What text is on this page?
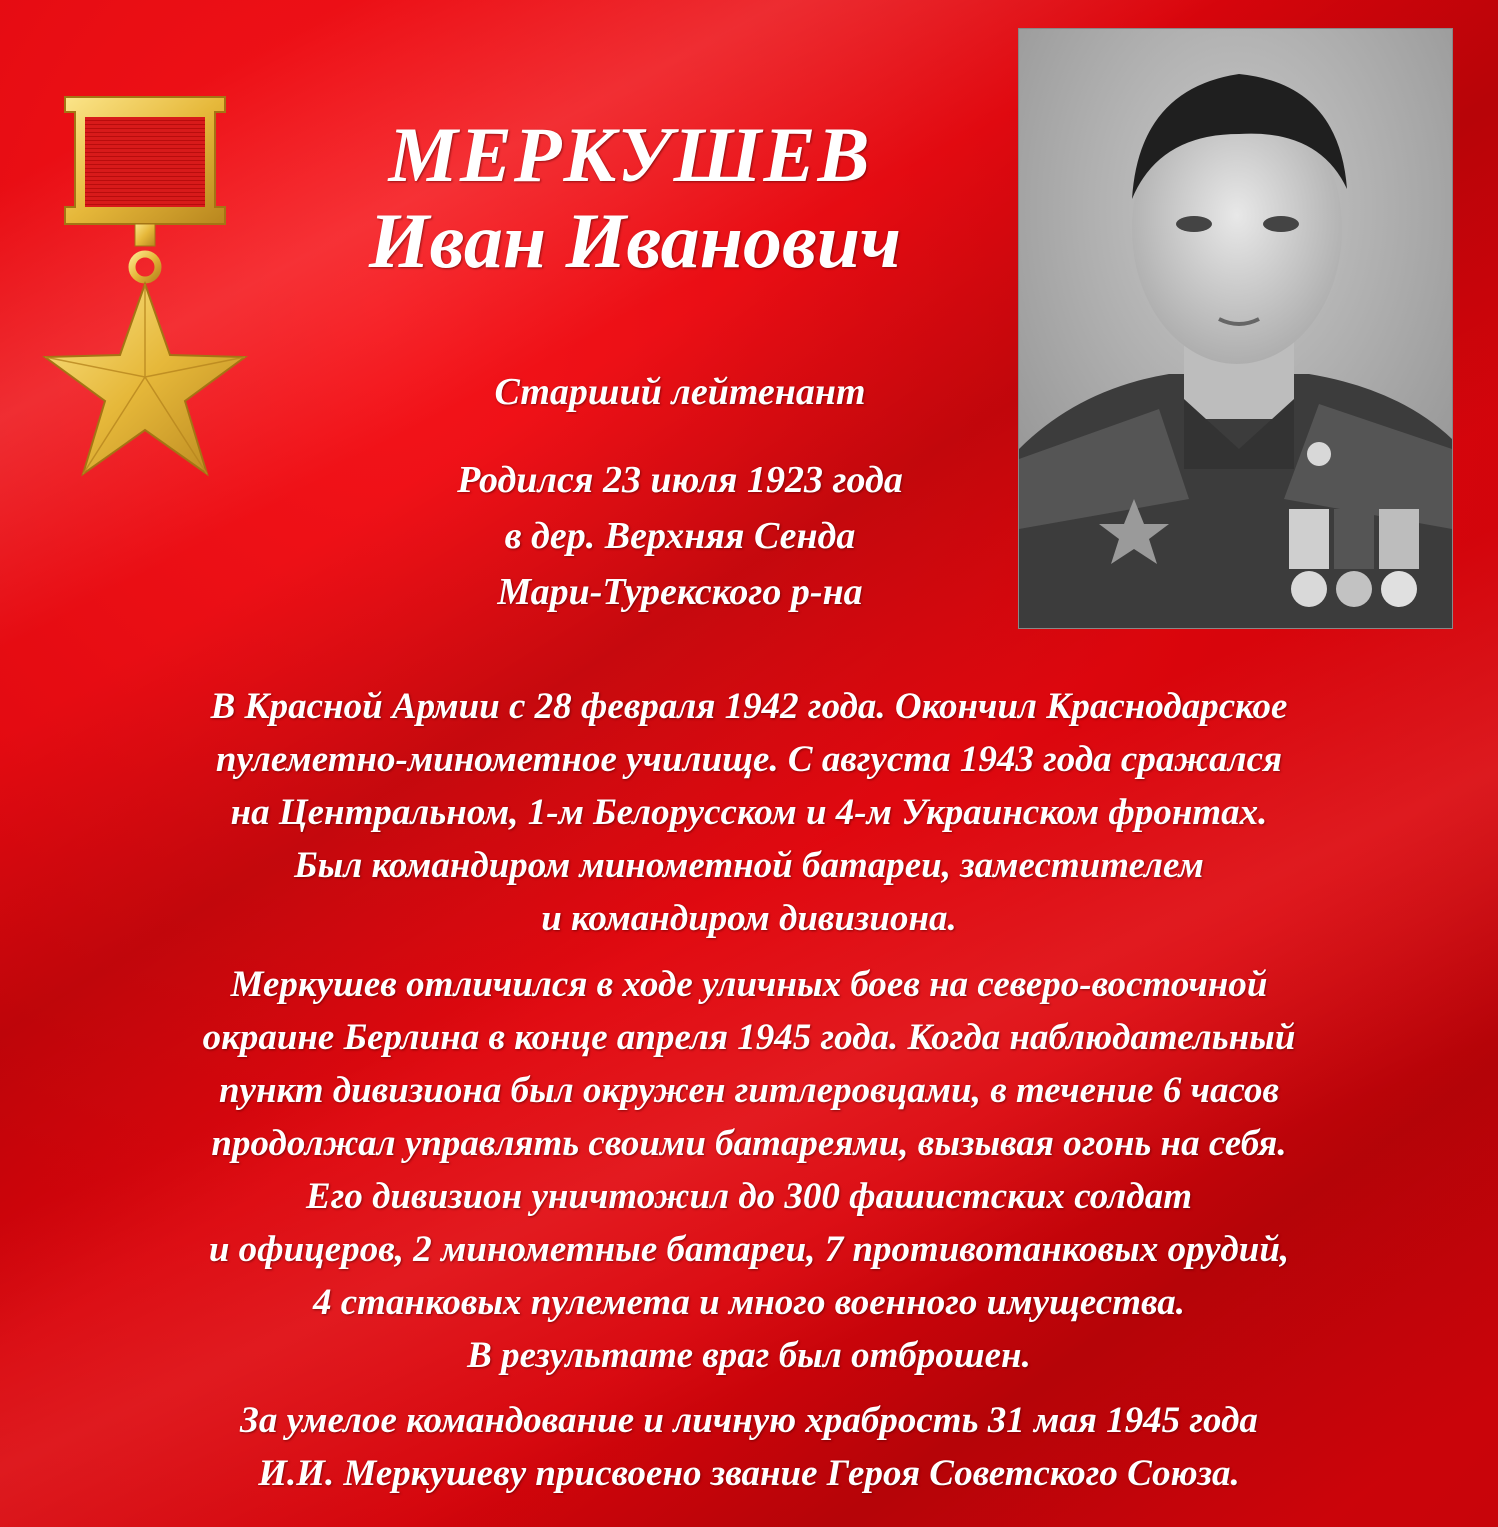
МЕРКУШЕВ
Иван Иванович

Старший лейтенант

Родился 23 июля 1923 года

в дер. Верхняя Сенда

Мари-Турекского р-на

В Красной Армии с 28 февраля 1942 года. Окончил Краснодарское

пулеметно-минометное училище. С августа 1943 года сражался

на Центральном, 1-м Белорусском и 4-м Украинском фронтах.

Был командиром минометной батареи, заместителем

и командиром дивизиона.

Меркушев отличился в ходе уличных боев на северо-восточной

окраине Берлина в конце апреля 1945 года. Когда наблюдательный

пункт дивизиона был окружен гитлеровцами, в течение 6 часов

продолжал управлять своими батареями, вызывая огонь на себя.

Его дивизион уничтожил до 300 фашистских солдат

и офицеров, 2 минометные батареи, 7 противотанковых орудий,

4 станковых пулемета и много военного имущества.

В результате враг был отброшен.

За умелое командование и личную храбрость 31 мая 1945 года

И.И. Меркушеву присвоено звание Героя Советского Союза.
